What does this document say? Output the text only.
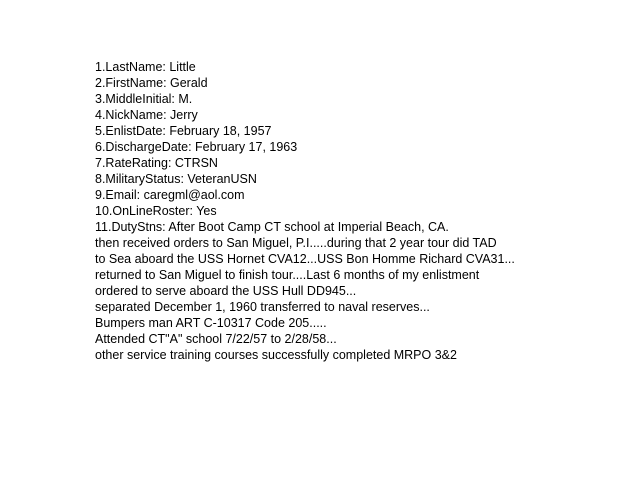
1.LastName: Little
2.FirstName: Gerald
3.MiddleInitial: M.
4.NickName: Jerry
5.EnlistDate: February 18, 1957
6.DischargeDate: February 17, 1963
7.RateRating: CTRSN
8.MilitaryStatus: VeteranUSN
9.Email: caregml@aol.com
10.OnLineRoster: Yes
11.DutyStns: After Boot Camp CT school at Imperial Beach, CA.
then received orders to San Miguel, P.I.....during that 2 year tour did TAD
to Sea aboard the USS Hornet CVA12...USS Bon Homme Richard CVA31...
returned to San Miguel to finish tour....Last 6 months of my enlistment
ordered to serve aboard the USS Hull DD945...
separated December 1, 1960 transferred to naval reserves...
Bumpers man ART C-10317 Code 205.....
Attended CT"A" school 7/22/57 to 2/28/58...
other service training courses successfully completed MRPO 3&2
